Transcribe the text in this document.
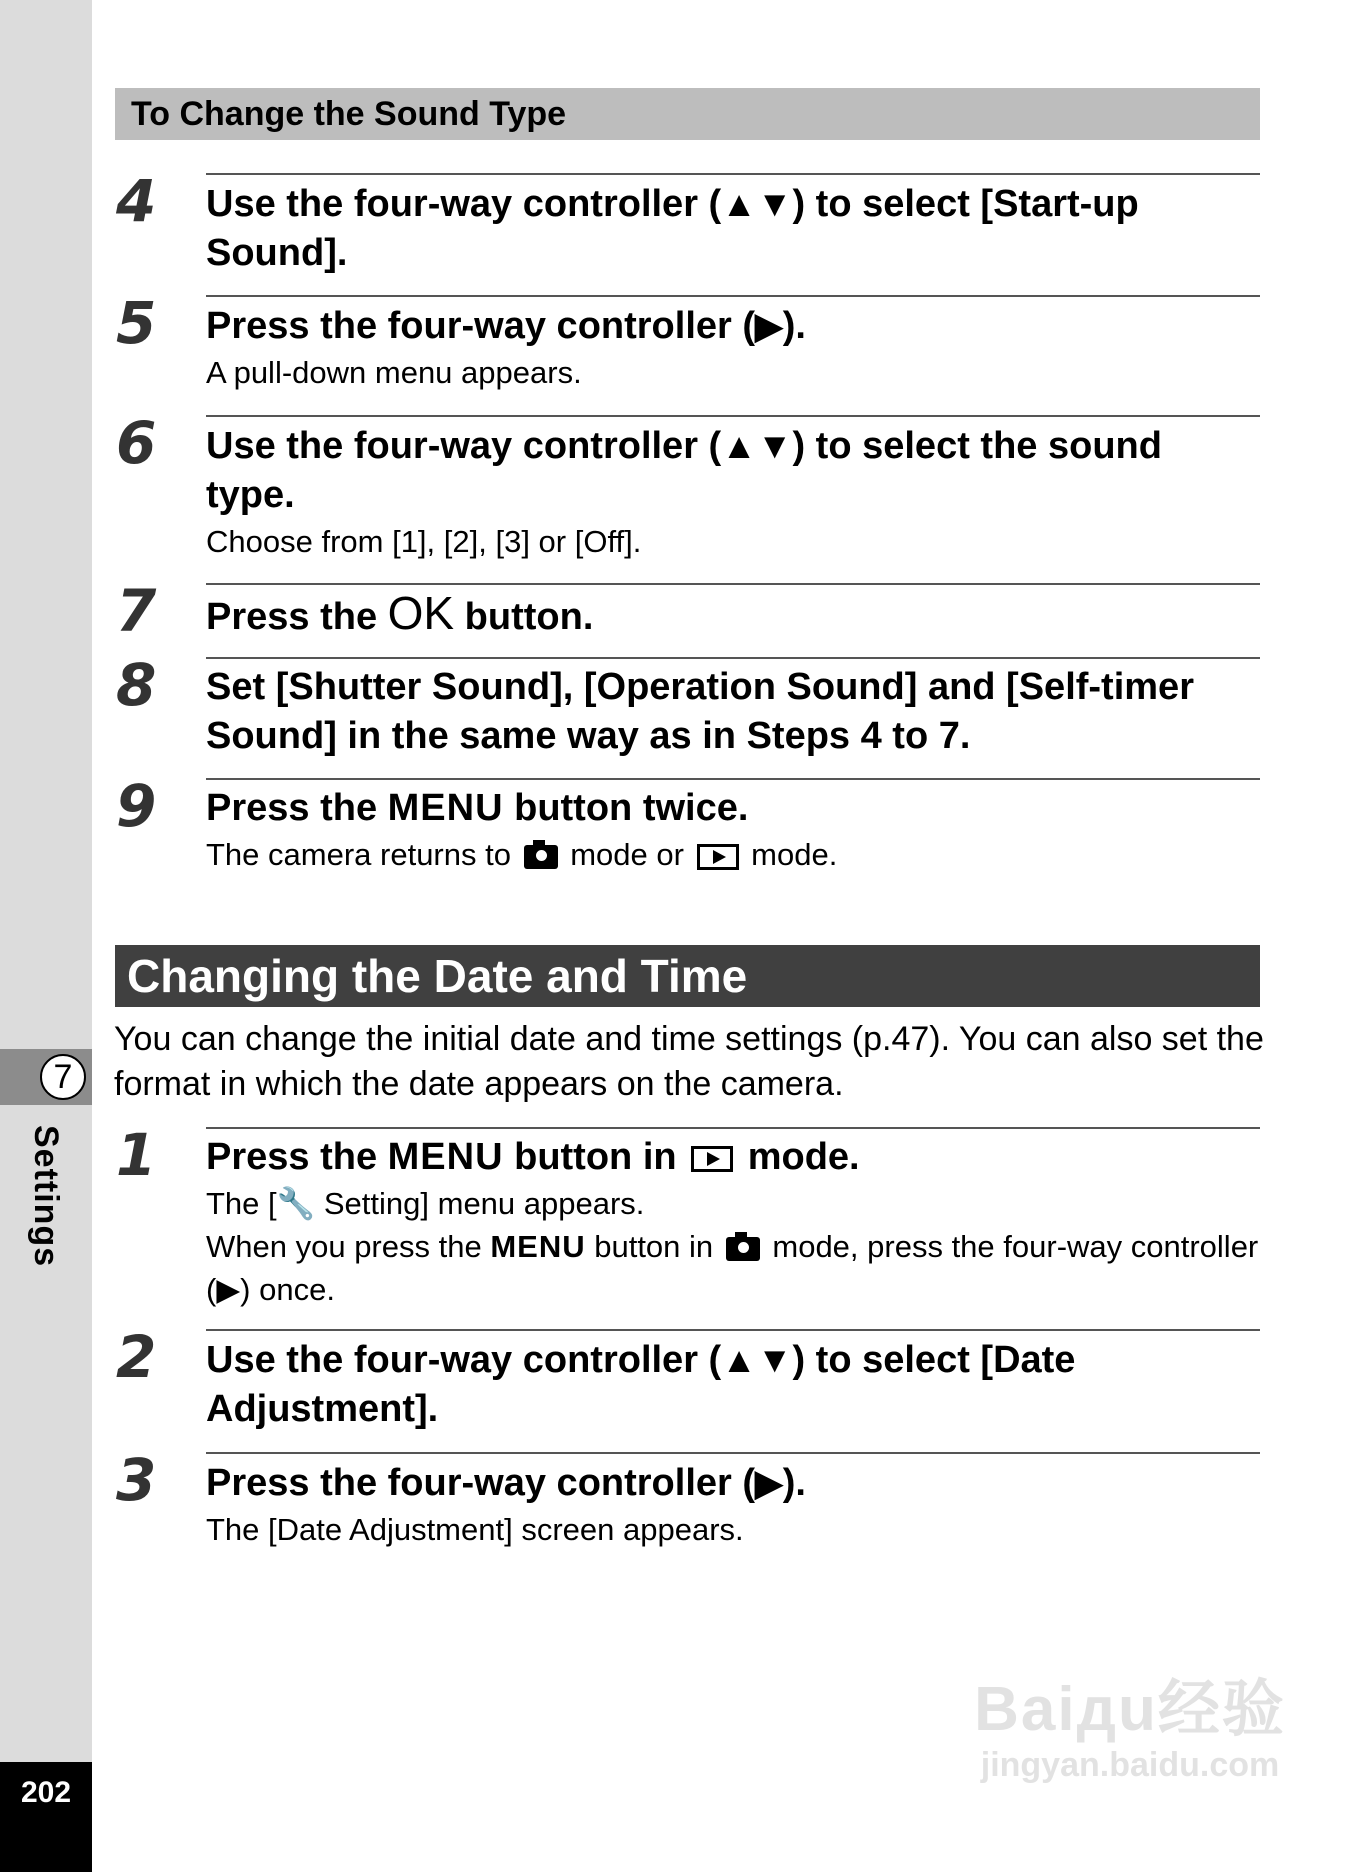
7
Settings
202
To Change the Sound Type
4 Use the four-way controller (▲▼) to select [Start-up Sound].
5 Press the four-way controller (▶).
A pull-down menu appears.
6 Use the four-way controller (▲▼) to select the sound type.
Choose from [1], [2], [3] or [Off].
7 Press the OK button.
8 Set [Shutter Sound], [Operation Sound] and [Self-timer Sound] in the same way as in Steps 4 to 7.
9 Press the MENU button twice.
The camera returns to  mode or  mode.
Changing the Date and Time
You can change the initial date and time settings (p.47). You can also set the format in which the date appears on the camera.
1 Press the MENU button in  mode.
The [🔧 Setting] menu appears.
When you press the MENU button in  mode, press the four-way controller (▶) once.
2 Use the four-way controller (▲▼) to select [Date Adjustment].
3 Press the four-way controller (▶).
The [Date Adjustment] screen appears.
Baiдu经验
jingyan.baidu.com
